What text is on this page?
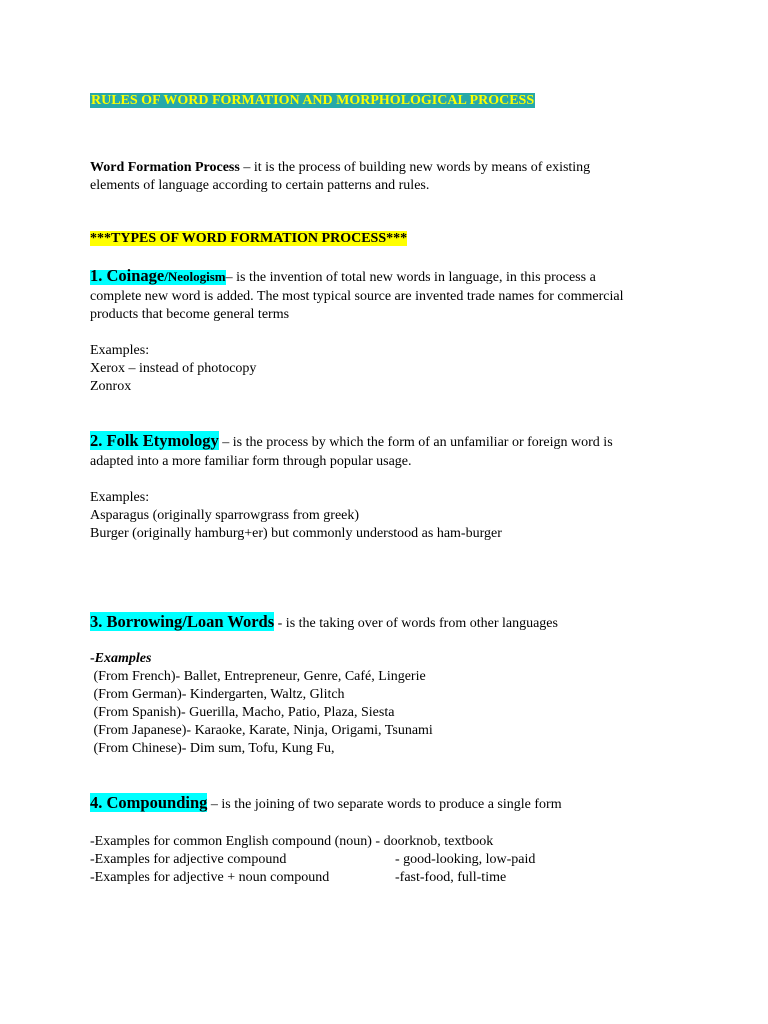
RULES OF WORD FORMATION AND MORPHOLOGICAL PROCESS
Word Formation Process – it is the process of building new words by means of existing
elements of language according to certain patterns and rules.
***TYPES OF WORD FORMATION PROCESS***
1. Coinage/Neologism– is the invention of total new words in language, in this process a
complete new word is added. The most typical source are invented trade names for commercial
products that become general terms
Examples:
Xerox – instead of photocopy
Zonrox
2. Folk Etymology – is the process by which the form of an unfamiliar or foreign word is
adapted into a more familiar form through popular usage.
Examples:
Asparagus (originally sparrowgrass from greek)
Burger (originally hamburg+er) but commonly understood as ham-burger
3. Borrowing/Loan Words - is the taking over of words from other languages
-Examples
(From French)- Ballet, Entrepreneur, Genre, Café, Lingerie
(From German)- Kindergarten, Waltz, Glitch
(From Spanish)- Guerilla, Macho, Patio, Plaza, Siesta
(From Japanese)- Karaoke, Karate, Ninja, Origami, Tsunami
(From Chinese)- Dim sum, Tofu, Kung Fu,
4. Compounding – is the joining of two separate words to produce a single form
-Examples for common English compound (noun) - doorknob, textbook
-Examples for adjective compound	- good-looking, low-paid
-Examples for adjective + noun compound	-fast-food, full-time
